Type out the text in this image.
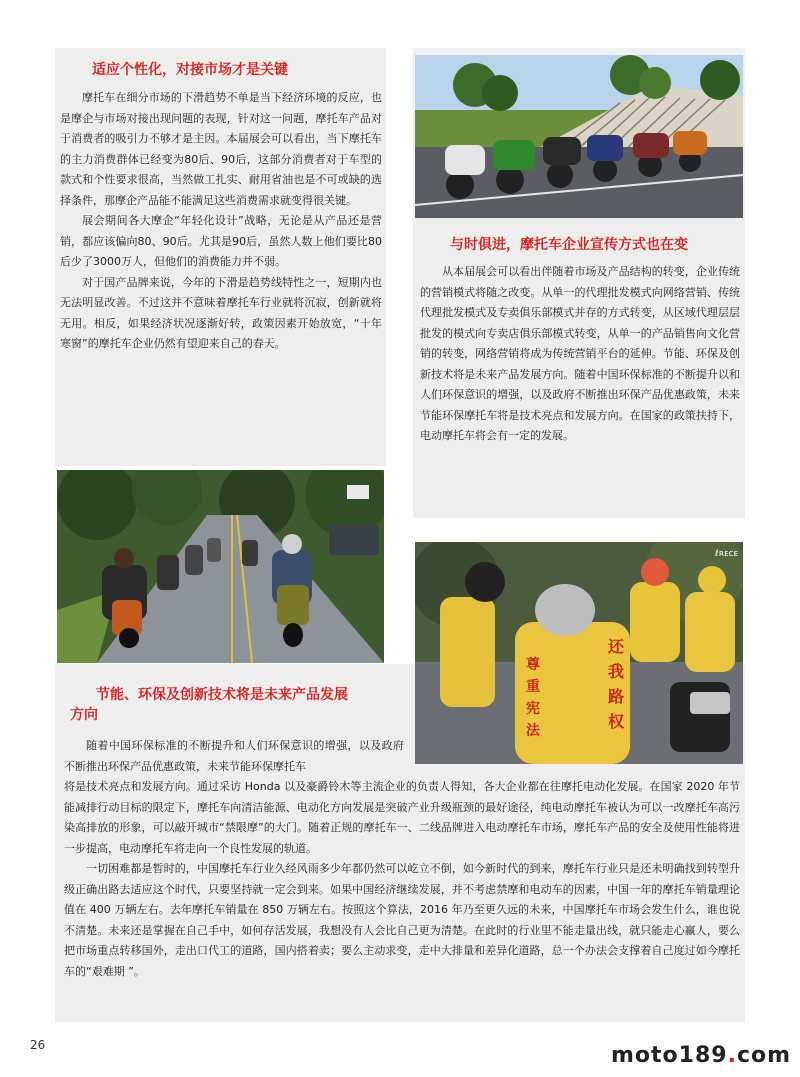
适应个性化，对接市场才是关键

摩托车在细分市场的下滑趋势不单是当下经济环境的反应，也是摩企与市场对接出现问题的表现，针对这一问题，摩托车产品对于消费者的吸引力不够才是主因。本届展会可以看出，当下摩托车的主力消费群体已经变为80后、90后，这部分消费者对于车型的款式和个性要求很高，当然做工扎实、耐用省油也是不可或缺的选择条件，那摩企产品能不能满足这些消费需求就变得很关键。

展会期间各大摩企“年轻化设计”战略，无论是从产品还是营销，都应该偏向80、90后。尤其是90后，虽然人数上他们要比80后少了3000万人，但他们的消费能力并不弱。

对于国产品牌来说，今年的下滑是趋势线特性之一，短期内也无法明显改善。不过这并不意味着摩托车行业就将沉寂，创新就将无用。相反，如果经济状况逐渐好转，政策因素开始放宽，“十年寒窗”的摩托车企业仍然有望迎来自己的春天。

与时俱进，摩托车企业宣传方式也在变

从本届展会可以看出伴随着市场及产品结构的转变，企业传统的营销模式将随之改变。从单一的代理批发模式向网络营销、传统代理批发模式及专卖俱乐部模式并存的方式转变，从区域代理层层批发的模式向专卖店俱乐部模式转变，从单一的产品销售向文化营销的转变，网络营销将成为传统营销平台的延伸。节能、环保及创新技术将是未来产品发展方向。随着中国环保标准的不断提升以和人们环保意识的增强，以及政府不断推出环保产品优惠政策，未来节能环保摩托车将是技术亮点和发展方向。在国家的政策扶持下，电动摩托车将会有一定的发展。

ℓʀᴇᴄᴇ
尊重宪法
还我路权
节能、环保及创新技术将是未来产品发展
方向

随着中国环保标准的不断提升和人们环保意识的增强，以及政府不断推出环保产品优惠政策，未来节能环保摩托车

将是技术亮点和发展方向。通过采访 Honda 以及豪爵铃木等主流企业的负责人得知，各大企业都在往摩托电动化发展。在国家 2020 年节能减排行动目标的限定下，摩托车向清洁能源、电动化方向发展是突破产业升级瓶颈的最好途径，纯电动摩托车被认为可以一改摩托车高污染高排放的形象，可以敲开城市“禁限摩”的大门。随着正规的摩托车一、二线品牌进入电动摩托车市场，摩托车产品的安全及使用性能将进一步提高，电动摩托车将走向一个良性发展的轨道。

一切困难都是暂时的，中国摩托车行业久经风雨多少年都仍然可以屹立不倒，如今新时代的到来，摩托车行业只是还未明确找到转型升级正确出路去适应这个时代，只要坚持就一定会到来。如果中国经济继续发展，并不考虑禁摩和电动车的因素，中国一年的摩托车销量理论值在 400 万辆左右。去年摩托车销量在 850 万辆左右。按照这个算法，2016 年乃至更久远的未来，中国摩托车市场会发生什么，谁也说不清楚。未来还是掌握在自己手中，如何存活发展，我想没有人会比自己更为清楚。在此时的行业里不能走量出线，就只能走心赢人，要么把市场重点转移国外，走出口代工的道路，国内搭着卖；要么主动求变，走中大排量和差异化道路，总一个办法会支撑着自己度过如今摩托车的“艰难期 ”。

26	moto189.com
